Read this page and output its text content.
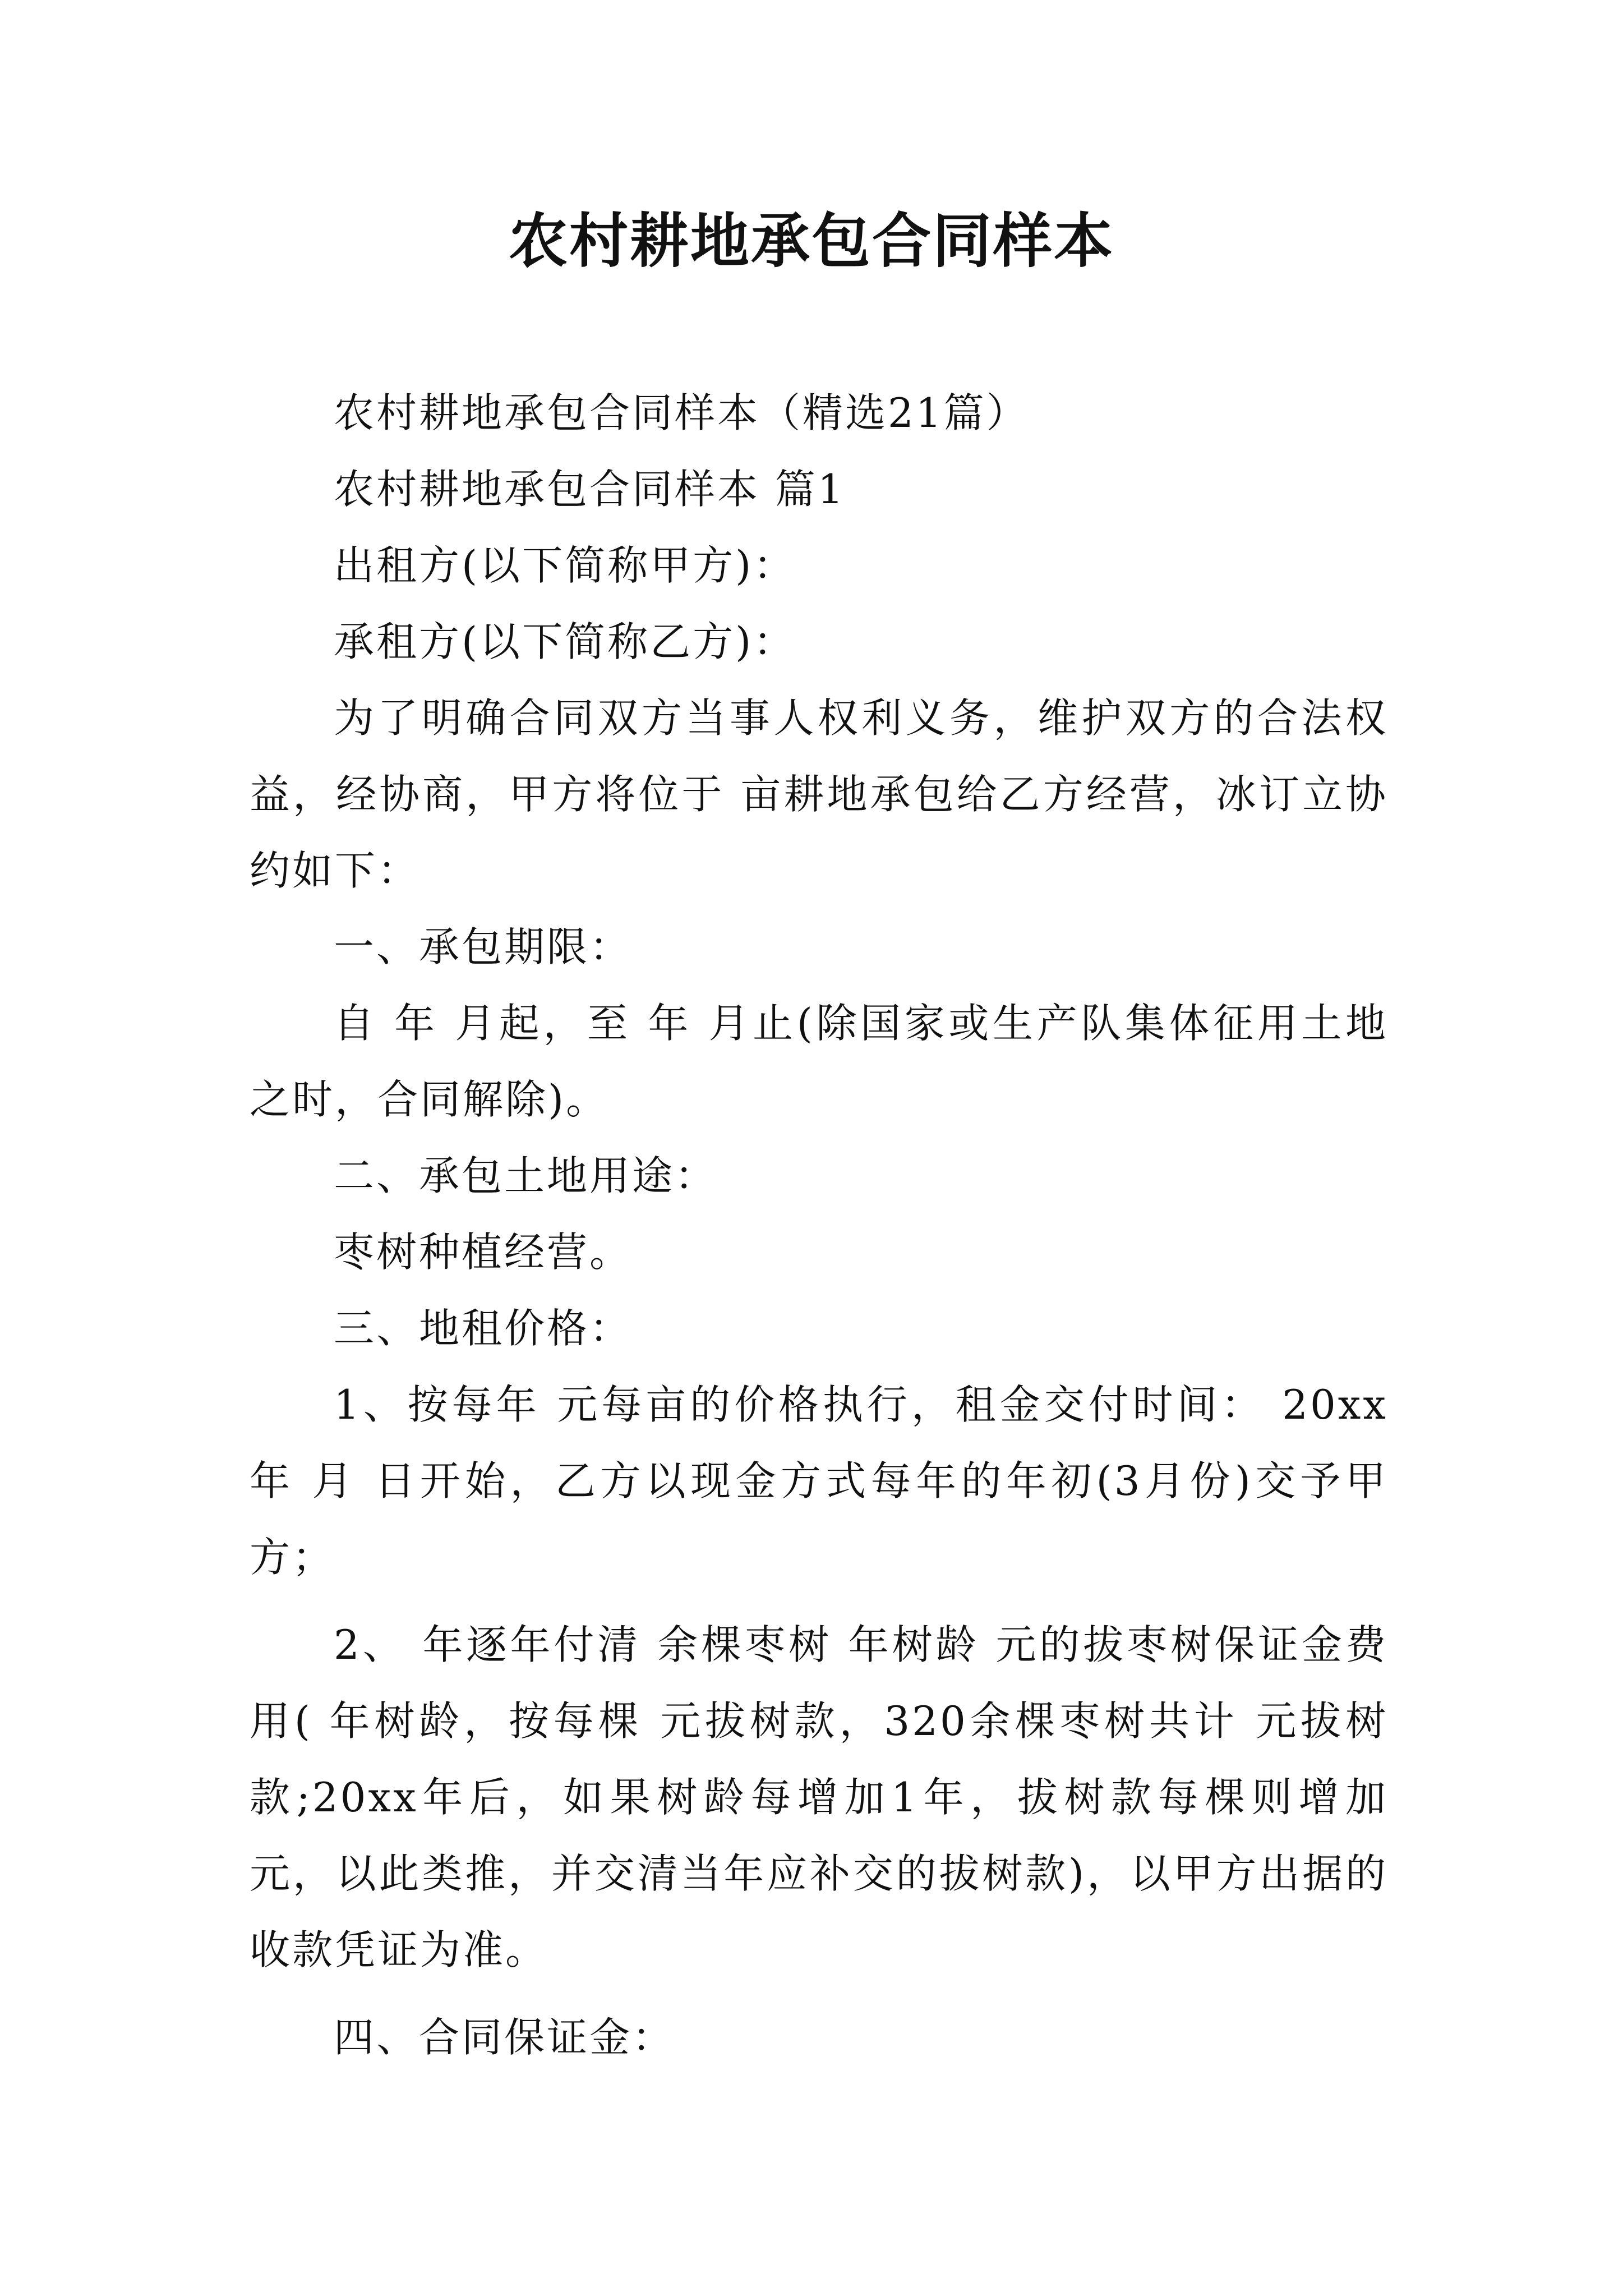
农村耕地承包合同样本

农村耕地承包合同样本（精选21篇）

农村耕地承包合同样本 篇1

出租方(以下简称甲方)：

承租方(以下简称乙方)：

为了明确合同双方当事人权利义务，维护双方的合法权益，经协商，甲方将位于 亩耕地承包给乙方经营，冰订立协约如下：

一、承包期限：

自 年 月起，至 年 月止(除国家或生产队集体征用土地之时，合同解除)。

二、承包土地用途：

枣树种植经营。

三、地租价格：

1、按每年 元每亩的价格执行，租金交付时间： 20xx年 月 日开始，乙方以现金方式每年的年初(3月份)交予甲方；

2、 年逐年付清 余棵枣树 年树龄 元的拔枣树保证金费用( 年树龄，按每棵 元拔树款，320余棵枣树共计 元拔树款;20xx年后，如果树龄每增加1年，拔树款每棵则增加 元，以此类推，并交清当年应补交的拔树款)，以甲方出据的收款凭证为准。

四、合同保证金：
